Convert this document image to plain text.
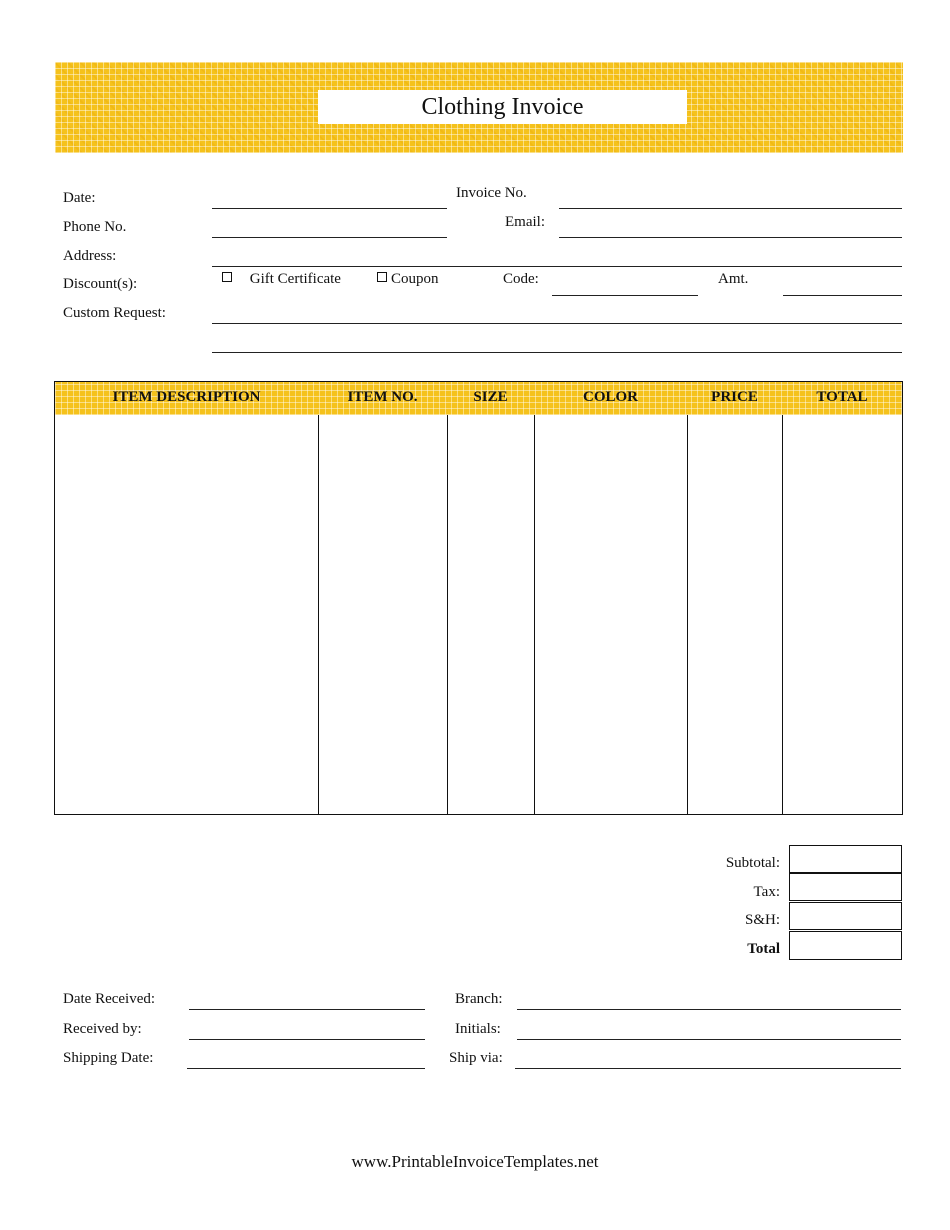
Clothing Invoice
Date:	Invoice No.
Phone No.	Email:
Address:
Discount(s):	Gift Certificate	Coupon	Code:	Amt.
Custom Request:
ITEM DESCRIPTION	ITEM NO.	SIZE	COLOR	PRICE	TOTAL
Subtotal:
Tax:
S&H:
Total
Date Received:	Branch:
Received by:	Initials:
Shipping Date:	Ship via:
www.PrintableInvoiceTemplates.net
